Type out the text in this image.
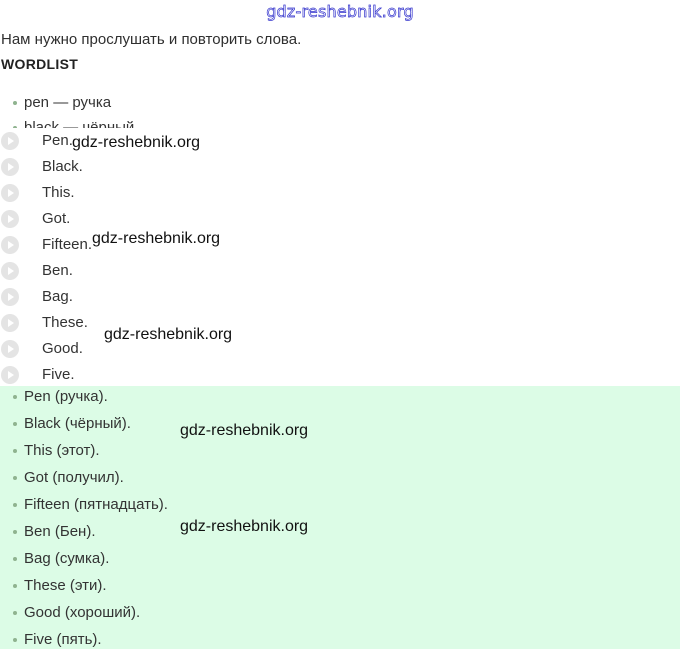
gdz-reshebnik.org
Нам нужно прослушать и повторить слова.
WORDLIST
pen — ручка
Pen.
Black.
This.
Got.
Fifteen.
Ben.
Bag.
These.
Good.
Five.
Pen (ручка).
Black (чёрный).
This (этот).
Got (получил).
Fifteen (пятнадцать).
Ben (Бен).
Bag (сумка).
These (эти).
Good (хороший).
Five (пять).
gdz-reshebnik.org
gdz-reshebnik.org
gdz-reshebnik.org
gdz-reshebnik.org
gdz-reshebnik.org
